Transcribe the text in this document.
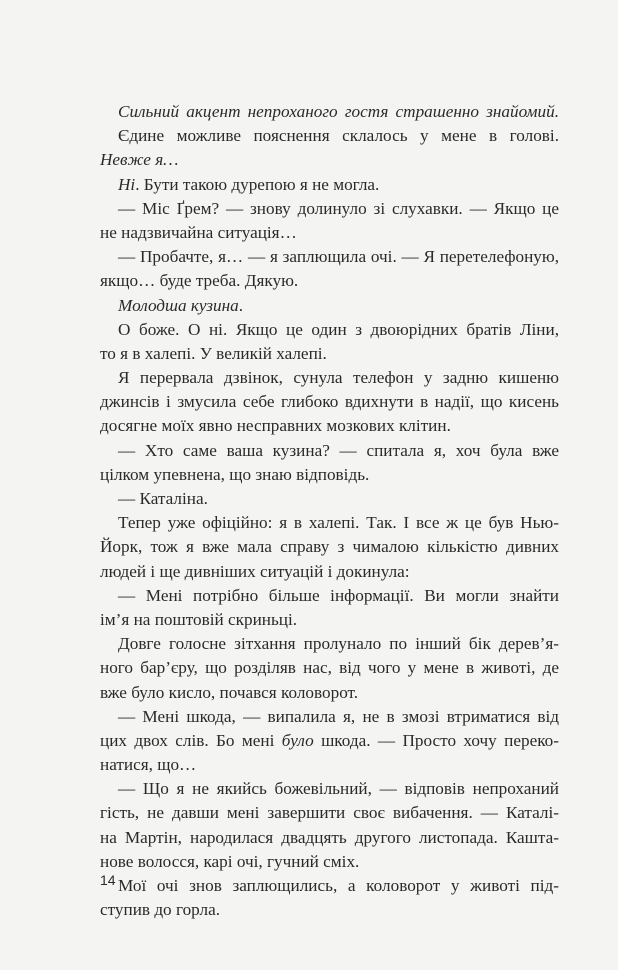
Сильний акцент непроханого гостя страшенно знайомий.
Єдине можливе пояснення склалось у мене в голові.
Невже я…
Ні. Бути такою дурепою я не могла.
— Міс Ґрем? — знову долинуло зі слухавки. — Якщо це
не надзвичайна ситуація…
— Пробачте, я… — я заплющила очі. — Я перетелефоную,
якщо… буде треба. Дякую.
Молодша кузина.
О боже. О ні. Якщо це один з двоюрідних братів Ліни,
то я в халепі. У великій халепі.
Я перервала дзвінок, сунула телефон у задню кишеню
джинсів і змусила себе глибоко вдихнути в надії, що кисень
досягне моїх явно несправних мозкових клітин.
— Хто саме ваша кузина? — спитала я, хоч була вже
цілком упевнена, що знаю відповідь.
— Каталіна.
Тепер уже офіційно: я в халепі. Так. І все ж це був Нью-
Йорк, тож я вже мала справу з чималою кількістю дивних
людей і ще дивніших ситуацій і докинула:
— Мені потрібно більше інформації. Ви могли знайти
ім’я на поштовій скриньці.
Довге голосне зітхання пролунало по інший бік дерев’я-
ного бар’єру, що розділяв нас, від чого у мене в животі, де
вже було кисло, почався коловорот.
— Мені шкода, — випалила я, не в змозі втриматися від
цих двох слів. Бо мені було шкода. — Просто хочу переко-
натися, що…
— Що я не якийсь божевільний, — відповів непроханий
гість, не давши мені завершити своє вибачення. — Каталі-
на Мартін, народилася двадцять другого листопада. Кашта-
нове волосся, карі очі, гучний сміх.
Мої очі знов заплющились, а коловорот у животі під-
ступив до горла.
14
